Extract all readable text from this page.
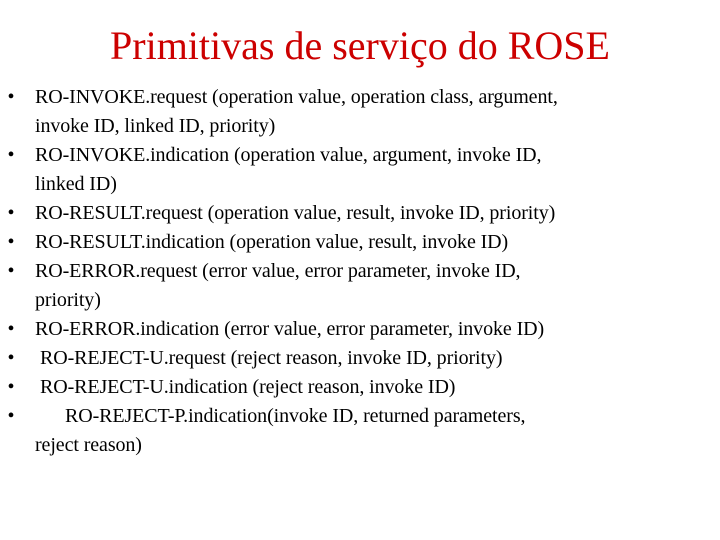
Primitivas de serviço do ROSE
• RO-INVOKE.request (operation value, operation class, argument,
invoke ID, linked ID, priority)
• RO-INVOKE.indication (operation value, argument, invoke ID,
linked ID)
• RO-RESULT.request (operation value, result, invoke ID, priority)
• RO-RESULT.indication (operation value, result, invoke ID)
• RO-ERROR.request (error value, error parameter, invoke ID,
priority)
• RO-ERROR.indication (error value, error parameter, invoke ID)
• RO-REJECT-U.request (reject reason, invoke ID, priority)
• RO-REJECT-U.indication (reject reason, invoke ID)
•	RO-REJECT-P.indication(invoke ID, returned parameters,
reject reason)
